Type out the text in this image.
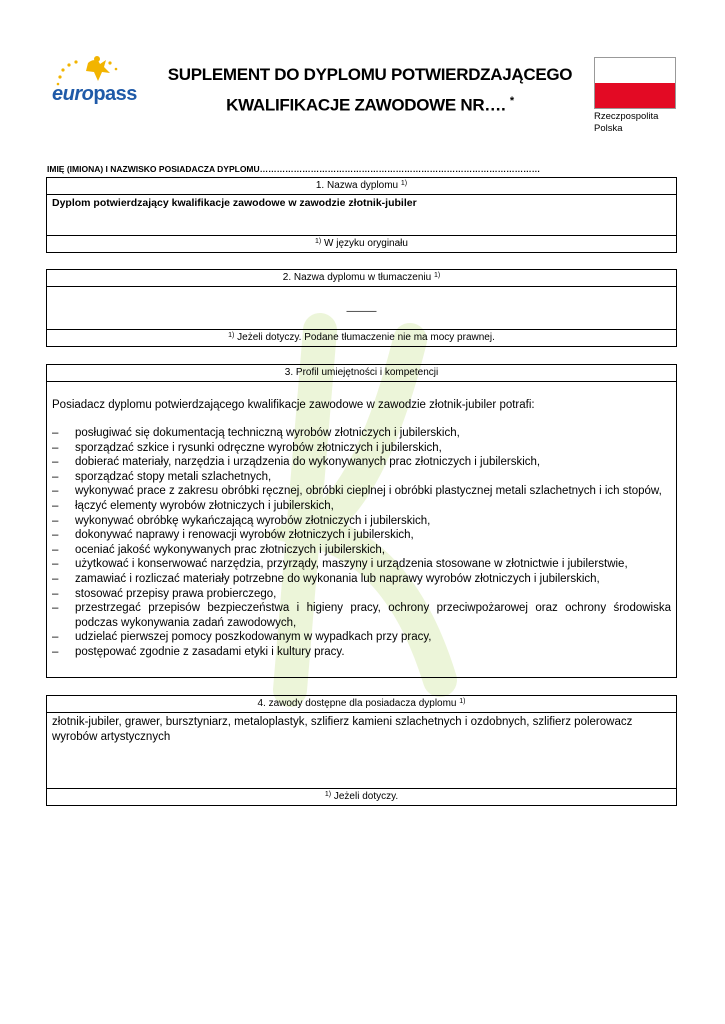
europass
SUPLEMENT DO DYPLOMU POTWIERDZAJĄCEGO
KWALIFIKACJE ZAWODOWE NR…. *
Rzeczpospolita
Polska
IMIĘ (IMIONA) I NAZWISKO POSIADACZA DYPLOMU………………………………………………………………………………………
1. Nazwa dyplomu $^{1)}$
Dyplom potwierdzający kwalifikacje zawodowe w zawodzie złotnik-jubiler
$^{1)}$ W języku oryginału
2. Nazwa dyplomu w tłumaczeniu $^{1)}$
———
$^{1)}$ Jeżeli dotyczy. Podane tłumaczenie nie ma mocy prawnej.
3. Profil umiejętności i kompetencji
Posiadacz dyplomu potwierdzającego kwalifikacje zawodowe w zawodzie złotnik-jubiler potrafi:
– posługiwać się dokumentacją techniczną wyrobów złotniczych i jubilerskich,
– sporządzać szkice i rysunki odręczne wyrobów złotniczych i jubilerskich,
– dobierać materiały, narzędzia i urządzenia do wykonywanych prac złotniczych i jubilerskich,
– sporządzać stopy metali szlachetnych,
– wykonywać prace z zakresu obróbki ręcznej, obróbki cieplnej i obróbki plastycznej metali szlachetnych i ich stopów,
– łączyć elementy wyrobów złotniczych i jubilerskich,
– wykonywać obróbkę wykańczającą wyrobów złotniczych i jubilerskich,
– dokonywać naprawy i renowacji wyrobów złotniczych i jubilerskich,
– oceniać jakość wykonywanych prac złotniczych i jubilerskich,
– użytkować i konserwować narzędzia, przyrządy, maszyny i urządzenia stosowane w złotnictwie i jubilerstwie,
– zamawiać i rozliczać materiały potrzebne do wykonania lub naprawy wyrobów złotniczych i jubilerskich,
– stosować przepisy prawa probierczego,
– przestrzegać przepisów bezpieczeństwa i higieny pracy, ochrony przeciwpożarowej oraz ochrony środowiska podczas wykonywania zadań zawodowych,
– udzielać pierwszej pomocy poszkodowanym w wypadkach przy pracy,
– postępować zgodnie z zasadami etyki i kultury pracy.
4. zawody dostępne dla posiadacza dyplomu $^{1)}$
złotnik-jubiler, grawer, bursztyniarz, metaloplastyk, szlifierz kamieni szlachetnych i ozdobnych, szlifierz polerowacz wyrobów artystycznych
$^{1)}$ Jeżeli dotyczy.
